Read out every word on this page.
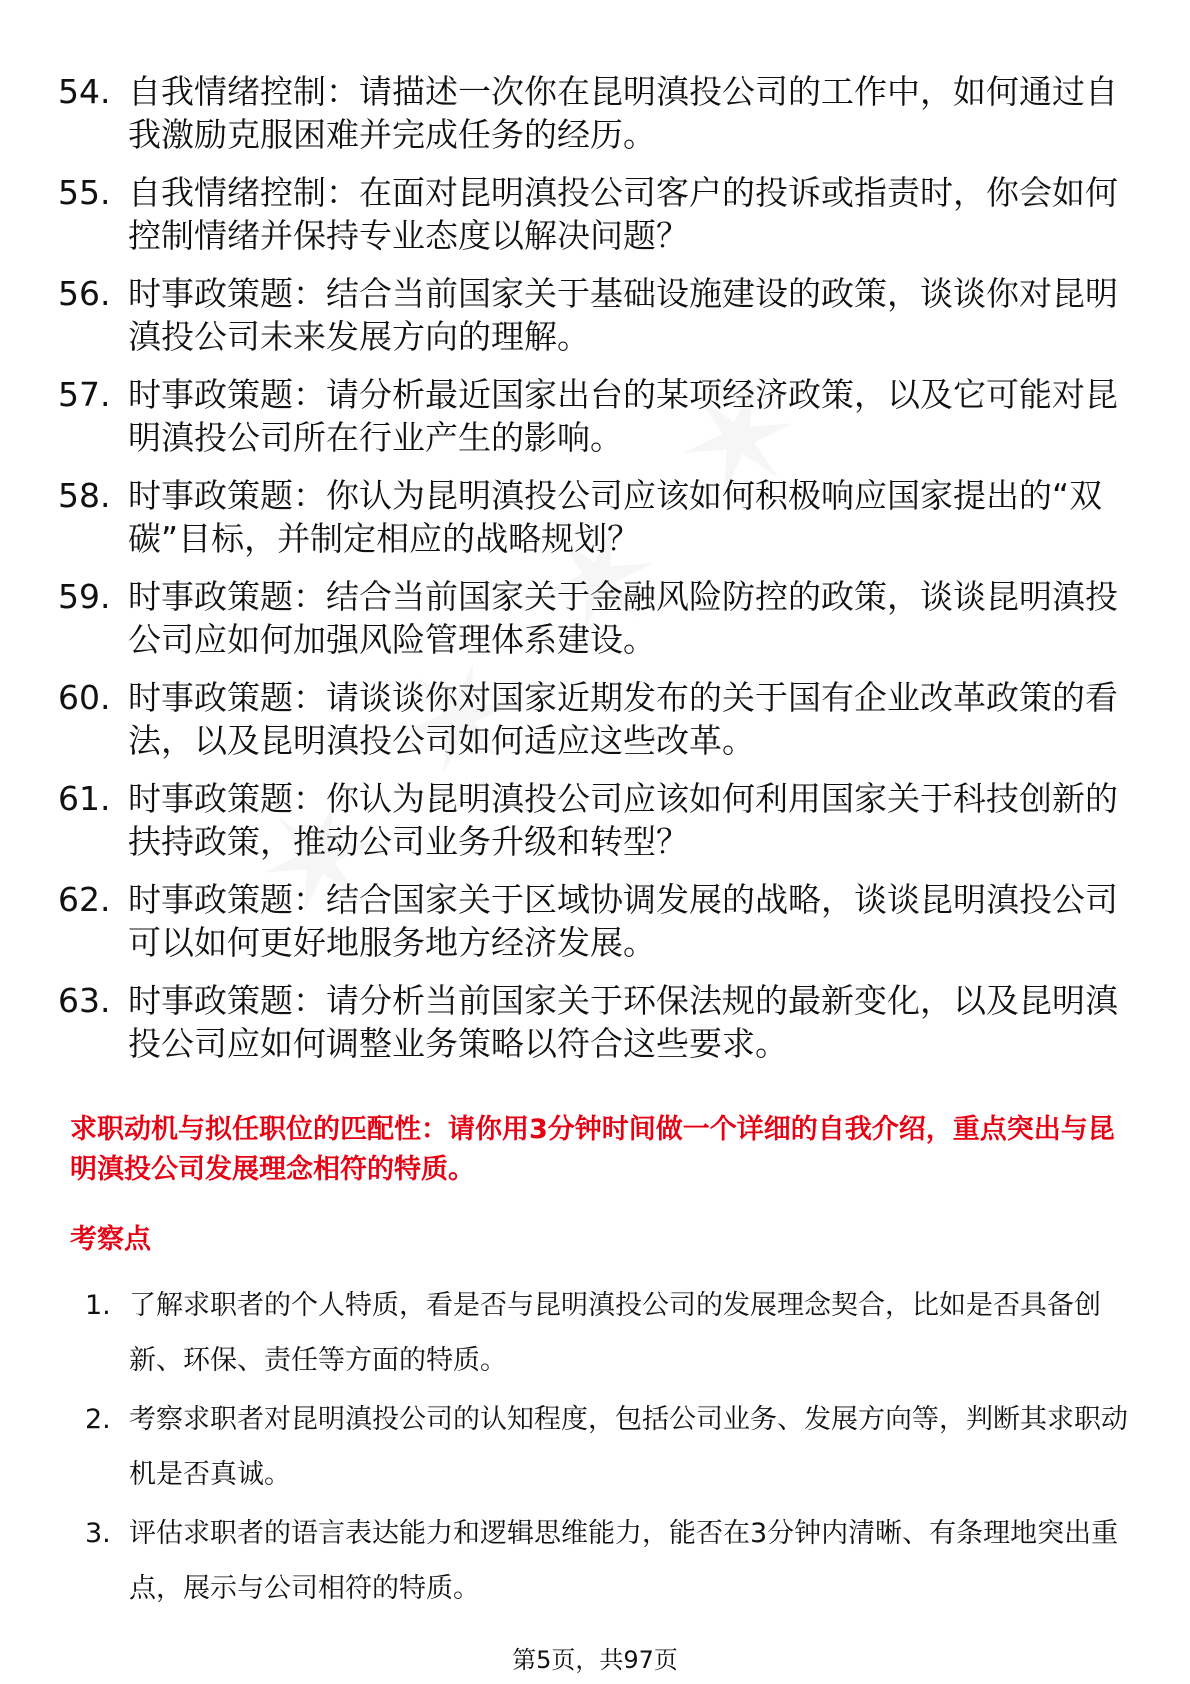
54. 自我情绪控制：请描述一次你在昆明滇投公司的工作中，如何通过自我激励克服困难并完成任务的经历。
55. 自我情绪控制：在面对昆明滇投公司客户的投诉或指责时，你会如何控制情绪并保持专业态度以解决问题？
56. 时事政策题：结合当前国家关于基础设施建设的政策，谈谈你对昆明滇投公司未来发展方向的理解。
57. 时事政策题：请分析最近国家出台的某项经济政策，以及它可能对昆明滇投公司所在行业产生的影响。
58. 时事政策题：你认为昆明滇投公司应该如何积极响应国家提出的“双碳”目标，并制定相应的战略规划？
59. 时事政策题：结合当前国家关于金融风险防控的政策，谈谈昆明滇投公司应如何加强风险管理体系建设。
60. 时事政策题：请谈谈你对国家近期发布的关于国有企业改革政策的看法，以及昆明滇投公司如何适应这些改革。
61. 时事政策题：你认为昆明滇投公司应该如何利用国家关于科技创新的扶持政策，推动公司业务升级和转型？
62. 时事政策题：结合国家关于区域协调发展的战略，谈谈昆明滇投公司可以如何更好地服务地方经济发展。
63. 时事政策题：请分析当前国家关于环保法规的最新变化，以及昆明滇投公司应如何调整业务策略以符合这些要求。
求职动机与拟任职位的匹配性：请你用3分钟时间做一个详细的自我介绍，重点突出与昆明滇投公司发展理念相符的特质。
考察点
1. 了解求职者的个人特质，看是否与昆明滇投公司的发展理念契合，比如是否具备创新、环保、责任等方面的特质。
2. 考察求职者对昆明滇投公司的认知程度，包括公司业务、发展方向等，判断其求职动机是否真诚。
3. 评估求职者的语言表达能力和逻辑思维能力，能否在3分钟内清晰、有条理地突出重点，展示与公司相符的特质。
第5页，共97页
